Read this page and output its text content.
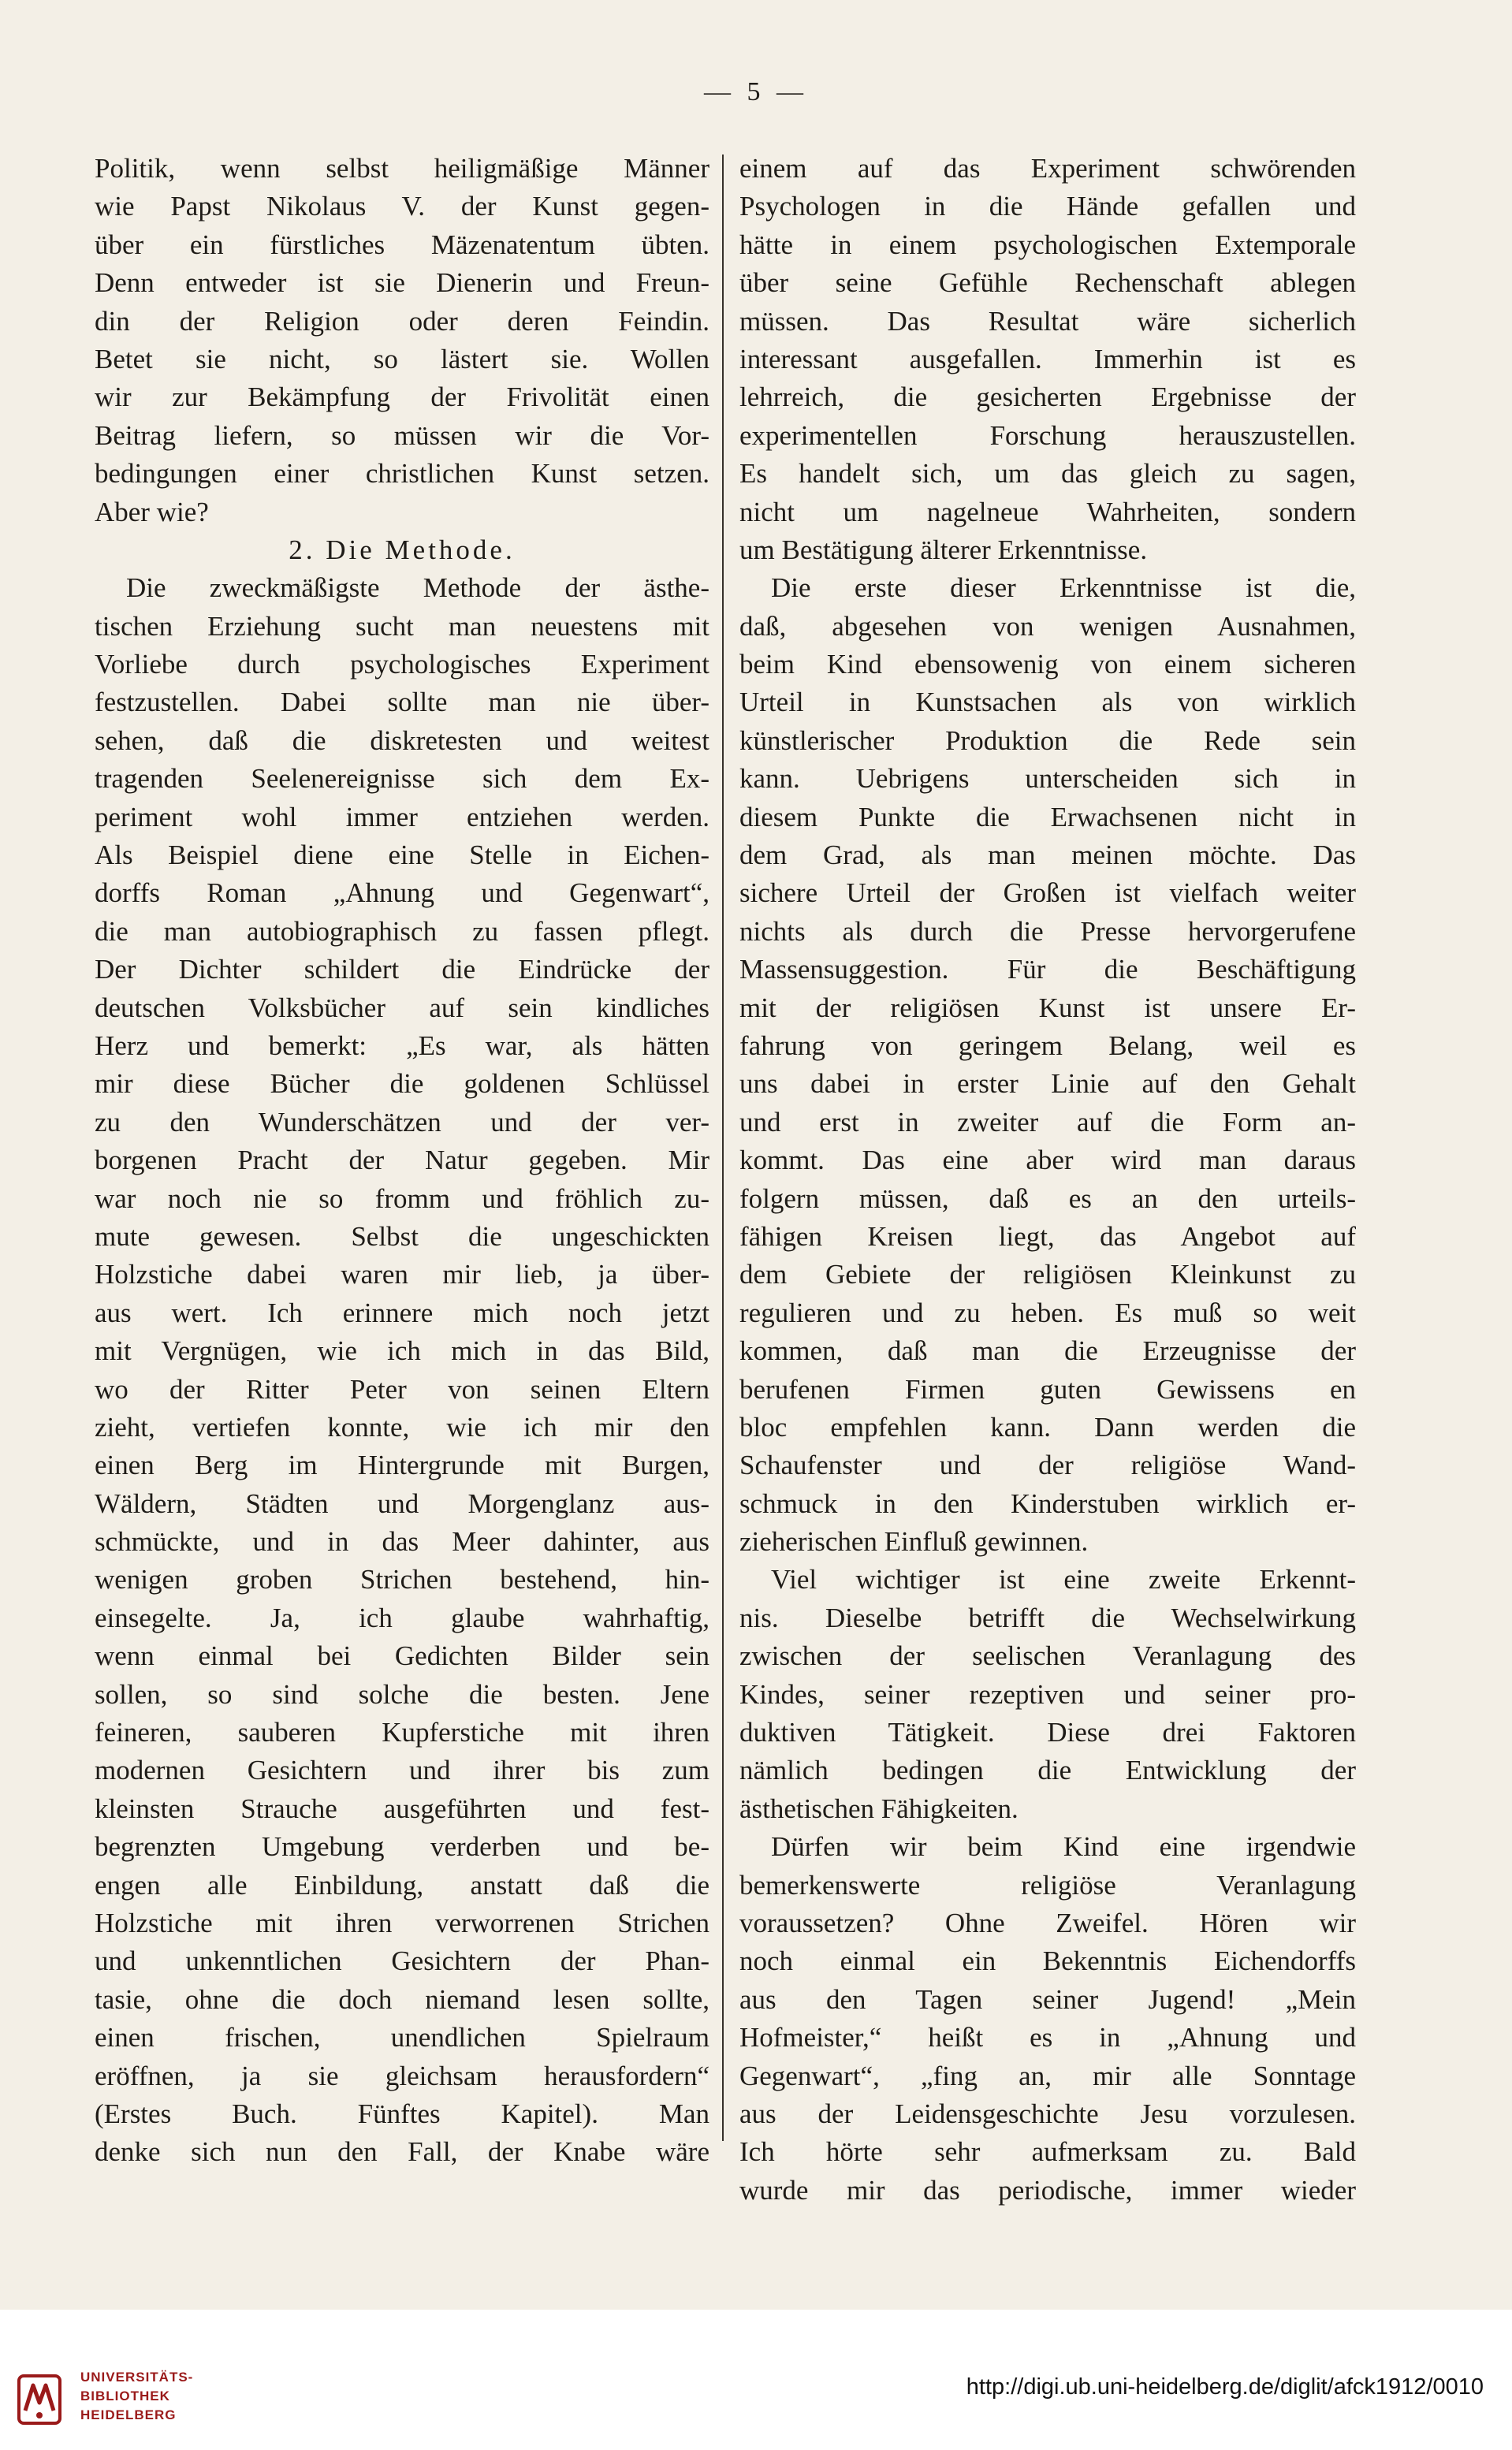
— 5 —
Politik, wenn selbst heiligmäßige Männer
wie Papst Nikolaus V. der Kunst gegen-
über ein fürstliches Mäzenatentum übten.
Denn entweder ist sie Dienerin und Freun-
din der Religion oder deren Feindin.
Betet sie nicht, so lästert sie. Wollen
wir zur Bekämpfung der Frivolität einen
Beitrag liefern, so müssen wir die Vor-
bedingungen einer christlichen Kunst setzen.
Aber wie?
2. Die Methode.
Die zweckmäßigste Methode der ästhe-
tischen Erziehung sucht man neuestens mit
Vorliebe durch psychologisches Experiment
festzustellen. Dabei sollte man nie über-
sehen, daß die diskretesten und weitest
tragenden Seelenereignisse sich dem Ex-
periment wohl immer entziehen werden.
Als Beispiel diene eine Stelle in Eichen-
dorffs Roman „Ahnung und Gegenwart“,
die man autobiographisch zu fassen pflegt.
Der Dichter schildert die Eindrücke der
deutschen Volksbücher auf sein kindliches
Herz und bemerkt: „Es war, als hätten
mir diese Bücher die goldenen Schlüssel
zu den Wunderschätzen und der ver-
borgenen Pracht der Natur gegeben. Mir
war noch nie so fromm und fröhlich zu-
mute gewesen. Selbst die ungeschickten
Holzstiche dabei waren mir lieb, ja über-
aus wert. Ich erinnere mich noch jetzt
mit Vergnügen, wie ich mich in das Bild,
wo der Ritter Peter von seinen Eltern
zieht, vertiefen konnte, wie ich mir den
einen Berg im Hintergrunde mit Burgen,
Wäldern, Städten und Morgenglanz aus-
schmückte, und in das Meer dahinter, aus
wenigen groben Strichen bestehend, hin-
einsegelte. Ja, ich glaube wahrhaftig,
wenn einmal bei Gedichten Bilder sein
sollen, so sind solche die besten. Jene
feineren, sauberen Kupferstiche mit ihren
modernen Gesichtern und ihrer bis zum
kleinsten Strauche ausgeführten und fest-
begrenzten Umgebung verderben und be-
engen alle Einbildung, anstatt daß die
Holzstiche mit ihren verworrenen Strichen
und unkenntlichen Gesichtern der Phan-
tasie, ohne die doch niemand lesen sollte,
einen frischen, unendlichen Spielraum
eröffnen, ja sie gleichsam herausfordern“
(Erstes Buch. Fünftes Kapitel). Man
denke sich nun den Fall, der Knabe wäre
einem auf das Experiment schwörenden
Psychologen in die Hände gefallen und
hätte in einem psychologischen Extemporale
über seine Gefühle Rechenschaft ablegen
müssen. Das Resultat wäre sicherlich
interessant ausgefallen. Immerhin ist es
lehrreich, die gesicherten Ergebnisse der
experimentellen Forschung herauszustellen.
Es handelt sich, um das gleich zu sagen,
nicht um nagelneue Wahrheiten, sondern
um Bestätigung älterer Erkenntnisse.
Die erste dieser Erkenntnisse ist die,
daß, abgesehen von wenigen Ausnahmen,
beim Kind ebensowenig von einem sicheren
Urteil in Kunstsachen als von wirklich
künstlerischer Produktion die Rede sein
kann. Uebrigens unterscheiden sich in
diesem Punkte die Erwachsenen nicht in
dem Grad, als man meinen möchte. Das
sichere Urteil der Großen ist vielfach weiter
nichts als durch die Presse hervorgerufene
Massensuggestion. Für die Beschäftigung
mit der religiösen Kunst ist unsere Er-
fahrung von geringem Belang, weil es
uns dabei in erster Linie auf den Gehalt
und erst in zweiter auf die Form an-
kommt. Das eine aber wird man daraus
folgern müssen, daß es an den urteils-
fähigen Kreisen liegt, das Angebot auf
dem Gebiete der religiösen Kleinkunst zu
regulieren und zu heben. Es muß so weit
kommen, daß man die Erzeugnisse der
berufenen Firmen guten Gewissens en
bloc empfehlen kann. Dann werden die
Schaufenster und der religiöse Wand-
schmuck in den Kinderstuben wirklich er-
zieherischen Einfluß gewinnen.
Viel wichtiger ist eine zweite Erkennt-
nis. Dieselbe betrifft die Wechselwirkung
zwischen der seelischen Veranlagung des
Kindes, seiner rezeptiven und seiner pro-
duktiven Tätigkeit. Diese drei Faktoren
nämlich bedingen die Entwicklung der
ästhetischen Fähigkeiten.
Dürfen wir beim Kind eine irgendwie
bemerkenswerte religiöse Veranlagung
voraussetzen? Ohne Zweifel. Hören wir
noch einmal ein Bekenntnis Eichendorffs
aus den Tagen seiner Jugend! „Mein
Hofmeister,“ heißt es in „Ahnung und
Gegenwart“, „fing an, mir alle Sonntage
aus der Leidensgeschichte Jesu vorzulesen.
Ich hörte sehr aufmerksam zu. Bald
wurde mir das periodische, immer wieder
UNIVERSITÄTS-
BIBLIOTHEK
HEIDELBERG
http://digi.ub.uni-heidelberg.de/diglit/afck1912/0010
